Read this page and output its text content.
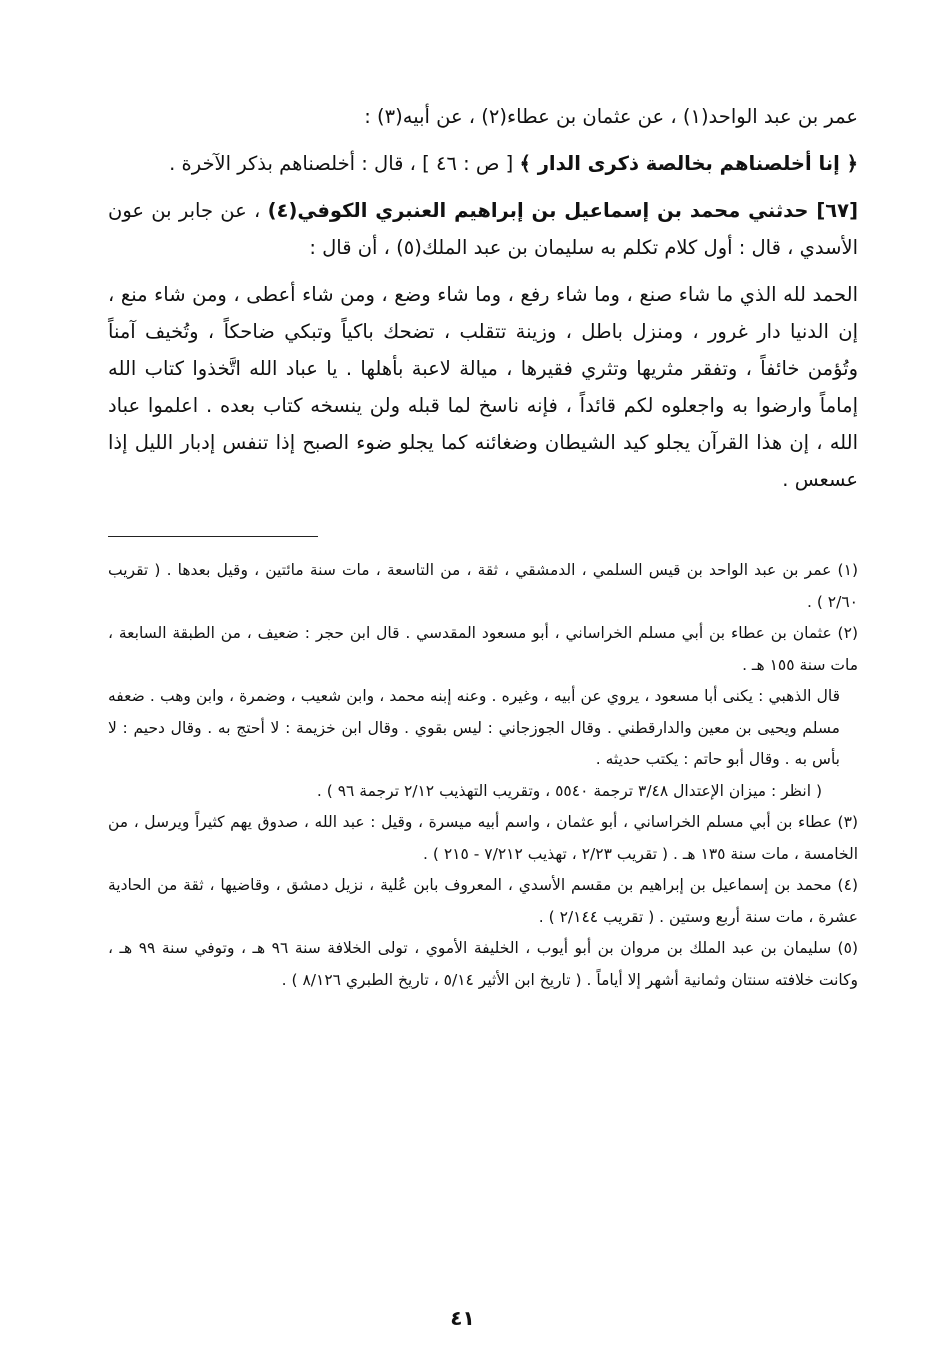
عمر بن عبد الواحد(١) ، عن عثمان بن عطاء(٢) ، عن أبيه(٣) :

﴿ إنا أخلصناهم بخالصة ذكرى الدار ﴾ [ ص : ٤٦ ] ، قال : أخلصناهم بذكر الآخرة .

[٦٧] حدثني محمد بن إسماعيل بن إبراهيم العنبري الكوفي(٤) ، عن جابر بن عون الأسدي ، قال : أول كلام تكلم به سليمان بن عبد الملك(٥) ، أن قال :

الحمد لله الذي ما شاء صنع ، وما شاء رفع ، وما شاء وضع ، ومن شاء أعطى ، ومن شاء منع ، إن الدنيا دار غرور ، ومنزل باطل ، وزينة تتقلب ، تضحك باكياً وتبكي ضاحكاً ، وتُخيف آمناً وتُؤمن خائفاً ، وتفقر مثريها وتثري فقيرها ، ميالة لاعبة بأهلها . يا عباد الله اتَّخذوا كتاب الله إماماً وارضوا به واجعلوه لكم قائداً ، فإنه ناسخ لما قبله ولن ينسخه كتاب بعده . اعلموا عباد الله ، إن هذا القرآن يجلو كيد الشيطان وضغائنه كما يجلو ضوء الصبح إذا تنفس إدبار الليل إذا عسعس .

(١) عمر بن عبد الواحد بن قيس السلمي ، الدمشقي ، ثقة ، من التاسعة ، مات سنة مائتين ، وقيل بعدها . ( تقريب ٢/٦٠ ) .

(٢) عثمان بن عطاء بن أبي مسلم الخراساني ، أبو مسعود المقدسي . قال ابن حجر : ضعيف ، من الطبقة السابعة ، مات سنة ١٥٥ هـ .

قال الذهبي : يكنى أبا مسعود ، يروي عن أبيه ، وغيره . وعنه إبنه محمد ، وابن شعيب ، وضمرة ، وابن وهب . ضعفه مسلم ويحيى بن معين والدارقطني . وقال الجوزجاني : ليس بقوي . وقال ابن خزيمة : لا أحتج به . وقال دحيم : لا بأس به . وقال أبو حاتم : يكتب حديثه .

( انظر : ميزان الإعتدال ٣/٤٨ ترجمة ٥٥٤٠ ، وتقريب التهذيب ٢/١٢ ترجمة ٩٦ ) .

(٣) عطاء بن أبي مسلم الخراساني ، أبو عثمان ، واسم أبيه ميسرة ، وقيل : عبد الله ، صدوق يهم كثيراً ويرسل ، من الخامسة ، مات سنة ١٣٥ هـ . ( تقريب ٢/٢٣ ، تهذيب ٧/٢١٢ - ٢١٥ ) .

(٤) محمد بن إسماعيل بن إبراهيم بن مقسم الأسدي ، المعروف بابن عُلية ، نزيل دمشق ، وقاضيها ، ثقة من الحادية عشرة ، مات سنة أربع وستين . ( تقريب ٢/١٤٤ ) .

(٥) سليمان بن عبد الملك بن مروان بن أبو أيوب ، الخليفة الأموي ، تولى الخلافة سنة ٩٦ هـ ، وتوفي سنة ٩٩ هـ ، وكانت خلافته سنتان وثمانية أشهر إلا أياماً . ( تاريخ ابن الأثير ٥/١٤ ، تاريخ الطبري ٨/١٢٦ ) .

٤١
